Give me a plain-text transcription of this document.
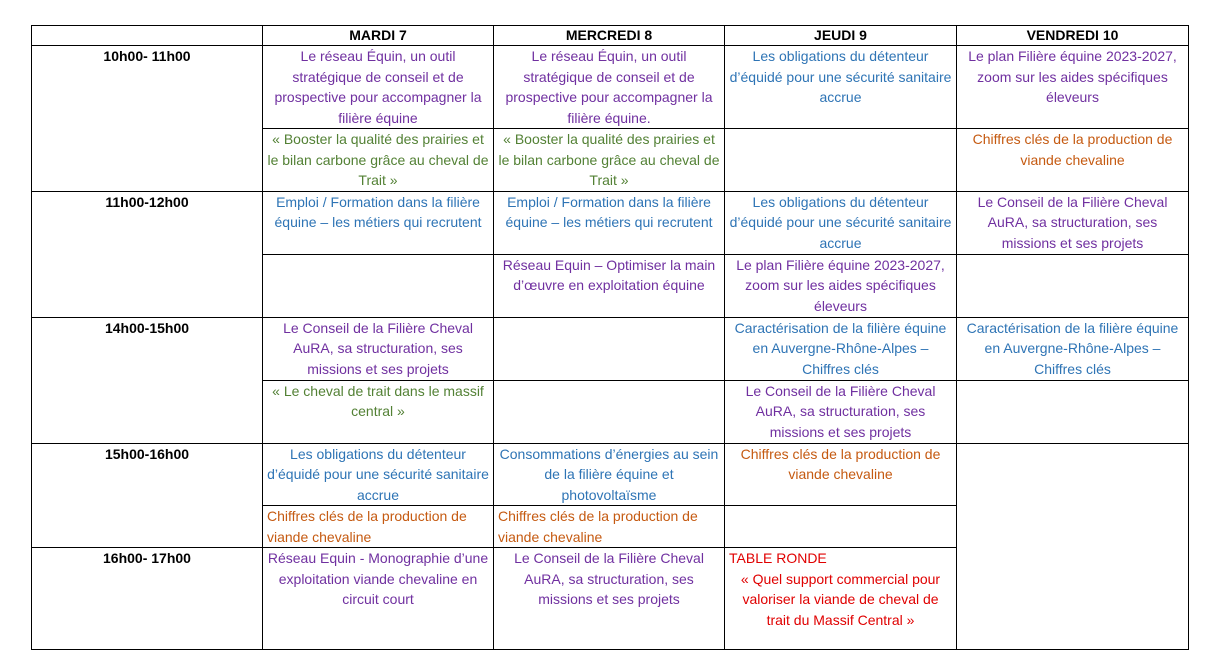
	MARDI 7	MERCREDI 8	JEUDI 9	VENDREDI 10
10h00- 11h00	Le réseau Équin, un outil stratégique de conseil et de prospective pour accompagner la filière équine	Le réseau Équin, un outil stratégique de conseil et de prospective pour accompagner la filière équine.	Les obligations du détenteur d’équidé pour une sécurité sanitaire accrue	Le plan Filière équine 2023-2027, zoom sur les aides spécifiques éleveurs
	« Booster la qualité des prairies et le bilan carbone grâce au cheval de Trait »	« Booster la qualité des prairies et le bilan carbone grâce au cheval de Trait »		Chiffres clés de la production de viande chevaline
11h00-12h00	Emploi / Formation dans la filière équine – les métiers qui recrutent	Emploi / Formation dans la filière équine – les métiers qui recrutent	Les obligations du détenteur d’équidé pour une sécurité sanitaire accrue	Le Conseil de la Filière Cheval AuRA, sa structuration, ses missions et ses projets
		Réseau Equin – Optimiser la main d’œuvre en exploitation équine	Le plan Filière équine 2023-2027, zoom sur les aides spécifiques éleveurs	
14h00-15h00	Le Conseil de la Filière Cheval AuRA, sa structuration, ses missions et ses projets		Caractérisation de la filière équine en Auvergne-Rhône-Alpes – Chiffres clés	Caractérisation de la filière équine en Auvergne-Rhône-Alpes – Chiffres clés
	« Le cheval de trait dans le massif central »		Le Conseil de la Filière Cheval AuRA, sa structuration, ses missions et ses projets	
15h00-16h00	Les obligations du détenteur d’équidé pour une sécurité sanitaire accrue	Consommations d’énergies au sein de la filière équine et photovoltaïsme	Chiffres clés de la production de viande chevaline	
	Chiffres clés de la production de viande chevaline	Chiffres clés de la production de viande chevaline		
16h00- 17h00	Réseau Equin - Monographie d’une exploitation viande chevaline en circuit court	Le Conseil de la Filière Cheval AuRA, sa structuration, ses missions et ses projets	TABLE RONDE
« Quel support commercial pour valoriser la viande de cheval de trait du Massif Central »	
